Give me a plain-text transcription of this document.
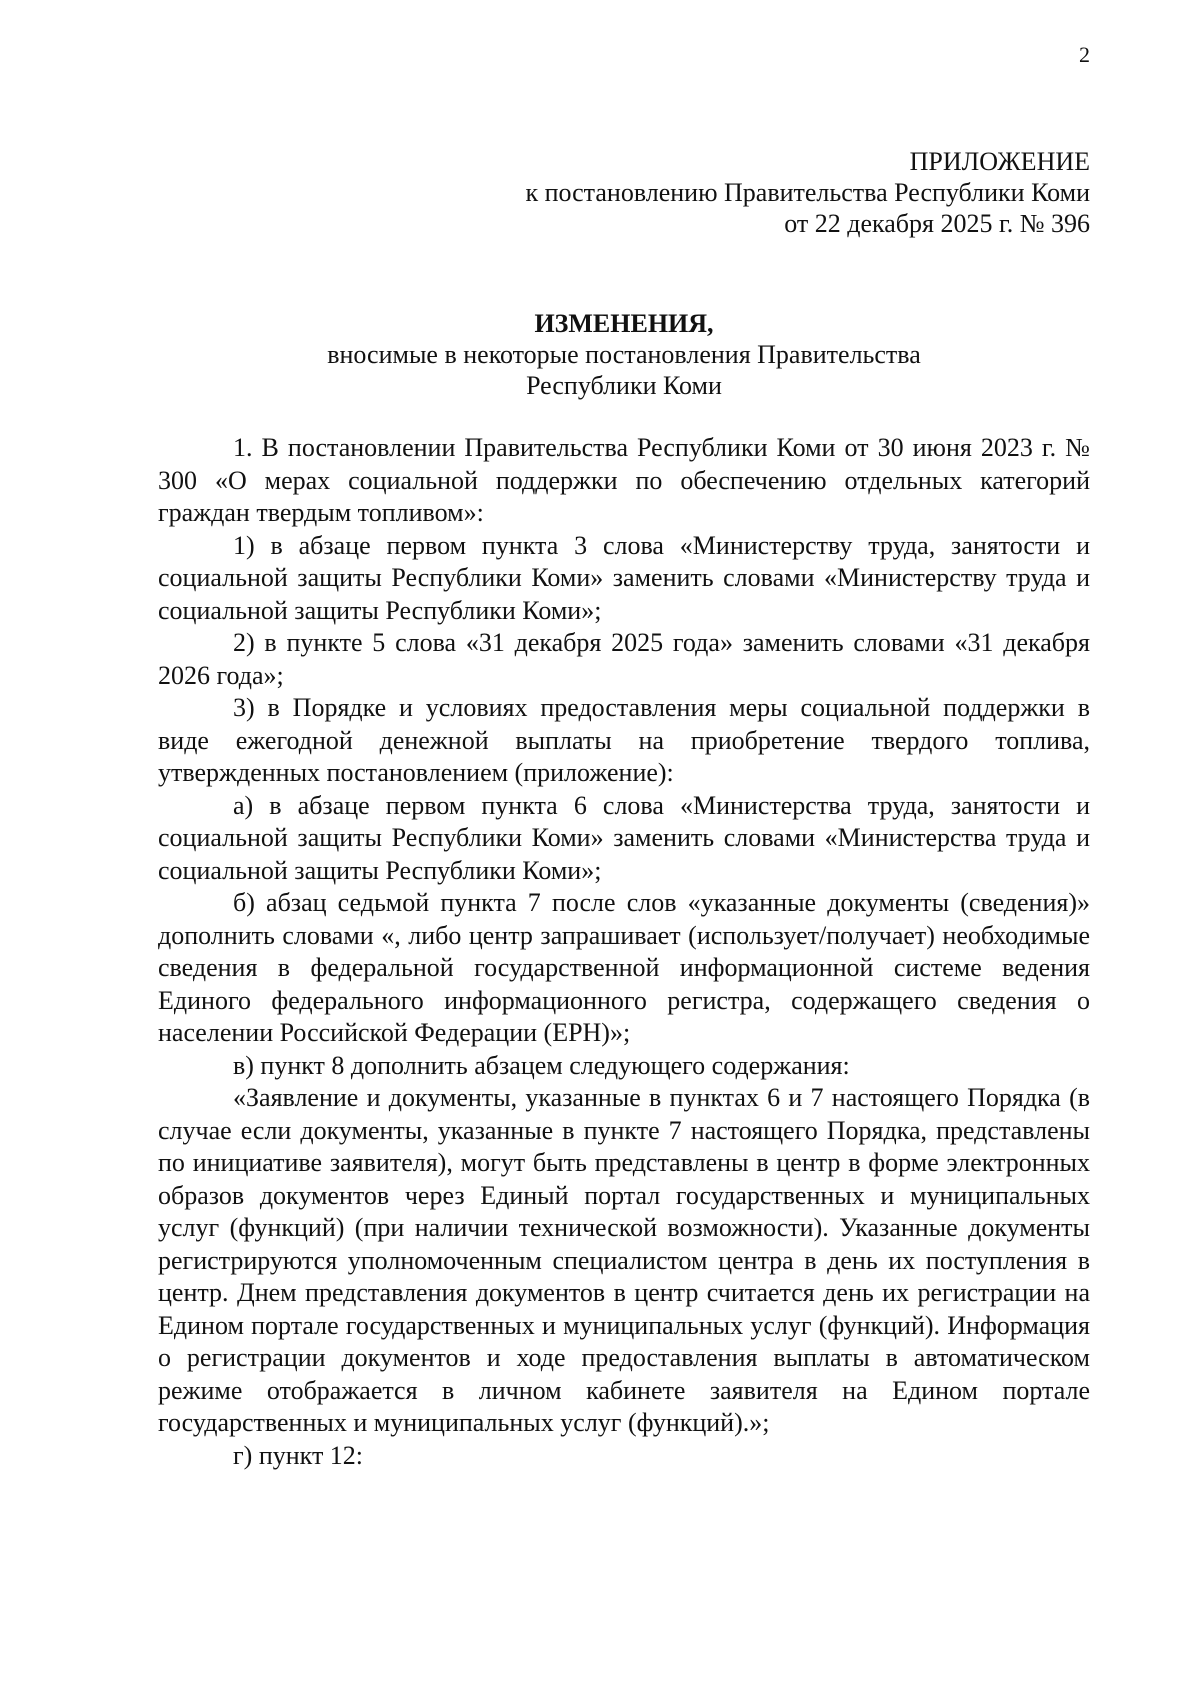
2
ПРИЛОЖЕНИЕ
к постановлению Правительства Республики Коми
от 22 декабря 2025 г. № 396
ИЗМЕНЕНИЯ,
вносимые в некоторые постановления Правительства
Республики Коми

1. В постановлении Правительства Республики Коми от 30 июня 2023 г. № 300 «О мерах социальной поддержки по обеспечению отдельных категорий граждан твердым топливом»:

1) в абзаце первом пункта 3 слова «Министерству труда, занятости и социальной защиты Республики Коми» заменить словами «Министерству труда и социальной защиты Республики Коми»;

2) в пункте 5 слова «31 декабря 2025 года» заменить словами «31 декабря 2026 года»;

3) в Порядке и условиях предоставления меры социальной поддержки в виде ежегодной денежной выплаты на приобретение твердого топлива, утвержденных постановлением (приложение):

а) в абзаце первом пункта 6 слова «Министерства труда, занятости и социальной защиты Республики Коми» заменить словами «Министерства труда и социальной защиты Республики Коми»;

б) абзац седьмой пункта 7 после слов «указанные документы (сведения)» дополнить словами «, либо центр запрашивает (использует/получает) необходимые сведения в федеральной государственной информационной системе ведения Единого федерального информационного регистра, содержащего сведения о населении Российской Федерации (ЕРН)»;

в) пункт 8 дополнить абзацем следующего содержания:

«Заявление и документы, указанные в пунктах 6 и 7 настоящего Порядка (в случае если документы, указанные в пункте 7 настоящего Порядка, представлены по инициативе заявителя), могут быть представлены в центр в форме электронных образов документов через Единый портал государственных и муниципальных услуг (функций) (при наличии технической возможности). Указанные документы регистрируются уполномоченным специалистом центра в день их поступления в центр. Днем представления документов в центр считается день их регистрации на Едином портале государственных и муниципальных услуг (функций). Информация о регистрации документов и ходе предоставления выплаты в автоматическом режиме отображается в личном кабинете заявителя на Едином портале государственных и муниципальных услуг (функций).»;

г) пункт 12:
